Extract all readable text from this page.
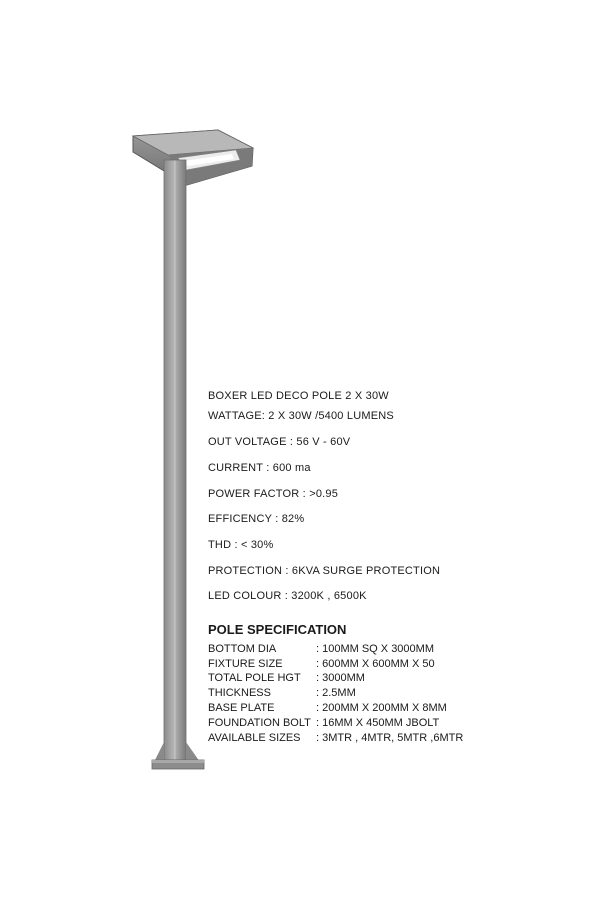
BOXER LED DECO POLE 2 X 30W
WATTAGE: 2 X 30W /5400 LUMENS
OUT VOLTAGE : 56 V - 60V
CURRENT : 600 ma
POWER FACTOR : >0.95
EFFICENCY : 82%
THD : < 30%
PROTECTION : 6KVA SURGE PROTECTION
LED COLOUR : 3200K , 6500K
POLE SPECIFICATION
BOTTOM DIA	: 100MM SQ X 3000MM
FIXTURE SIZE	: 600MM X 600MM X 50
TOTAL POLE HGT : 3000MM
THICKNESS	: 2.5MM
BASE PLATE	: 200MM X 200MM X 8MM
FOUNDATION BOLT : 16MM X 450MM JBOLT
AVAILABLE SIZES : 3MTR , 4MTR, 5MTR ,6MTR
